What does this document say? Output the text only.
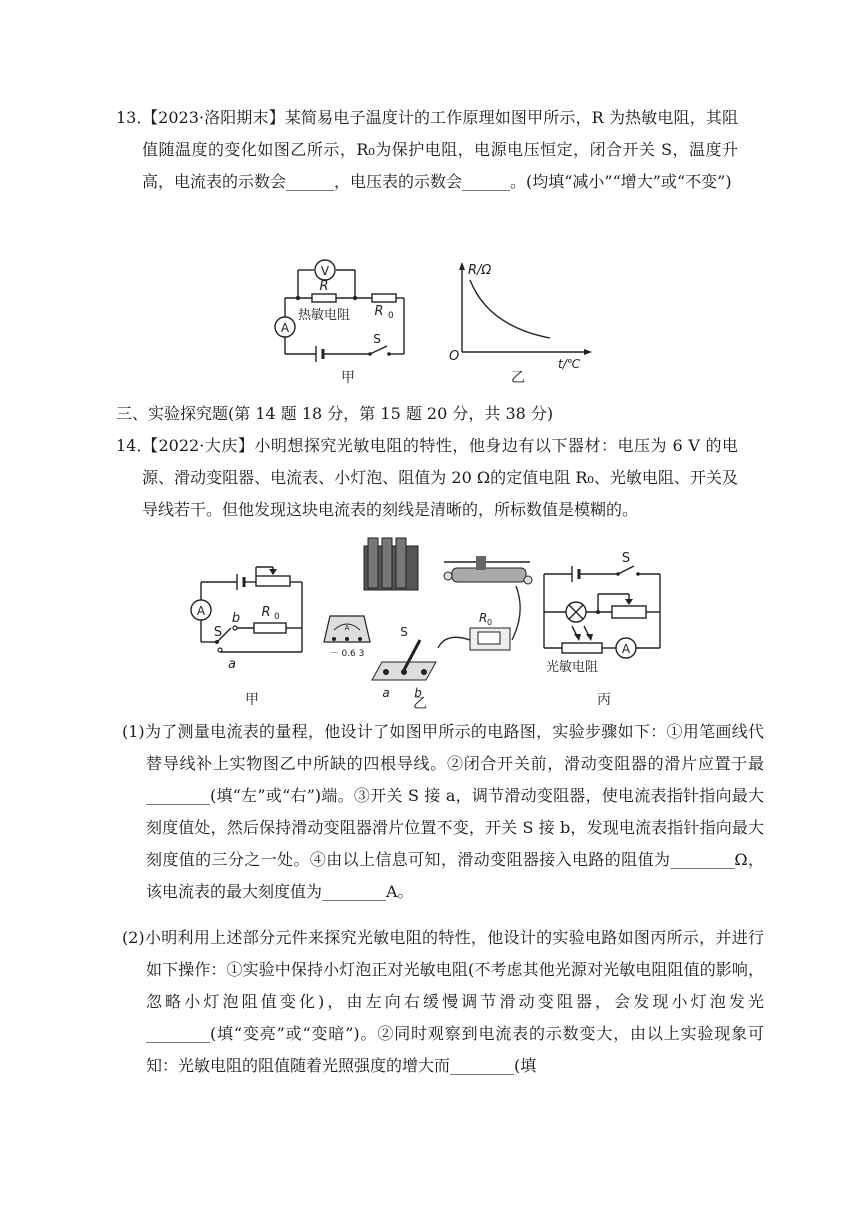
13．

【2023·洛阳期末】某简易电子温度计的工作原理如图甲所示，R 为热敏电阻，其阻值随温度的变化如图乙所示，R₀为保护电阻，电源电压恒定，闭合开关 S，温度升高，电流表的示数会______，电压表的示数会______。(均填“减小”“增大”或“不变”)

V
A
R
R 0
热敏电阻
S
甲
R/Ω
t/℃
O
乙

三、实验探究题(第 14 题 18 分，第 15 题 20 分，共 38 分)

14．

【2022·大庆】小明想探究光敏电阻的特性，他身边有以下器材：电压为 6 V 的电源、滑动变阻器、电流表、小灯泡、阻值为 20 Ω的定值电阻 R₀、光敏电阻、开关及导线若干。但他发现这块电流表的刻线是清晰的，所标数值是模糊的。

A
S
b
a
R 0
甲
A
－ 0.6 3
R 0
S
a b
乙
A
S
光敏电阻
丙

(1)为了测量电流表的量程，他设计了如图甲所示的电路图，实验步骤如下：①用笔画线代替导线补上实物图乙中所缺的四根导线。②闭合开关前，滑动变阻器的滑片应置于最________(填“左”或“右”)端。③开关 S 接 a，调节滑动变阻器，使电流表指针指向最大刻度值处，然后保持滑动变阻器滑片位置不变，开关 S 接 b，发现电流表指针指向最大刻度值的三分之一处。④由以上信息可知，滑动变阻器接入电路的阻值为________Ω，该电流表的最大刻度值为________A。

(2)小明利用上述部分元件来探究光敏电阻的特性，他设计的实验电路如图丙所示，并进行如下操作：①实验中保持小灯泡正对光敏电阻(不考虑其他光源对光敏电阻阻值的影响，忽略小灯泡阻值变化)，由左向右缓慢调节滑动变阻器，会发现小灯泡发光________(填“变亮”或“变暗”)。②同时观察到电流表的示数变大，由以上实验现象可知：光敏电阻的阻值随着光照强度的增大而________(填
